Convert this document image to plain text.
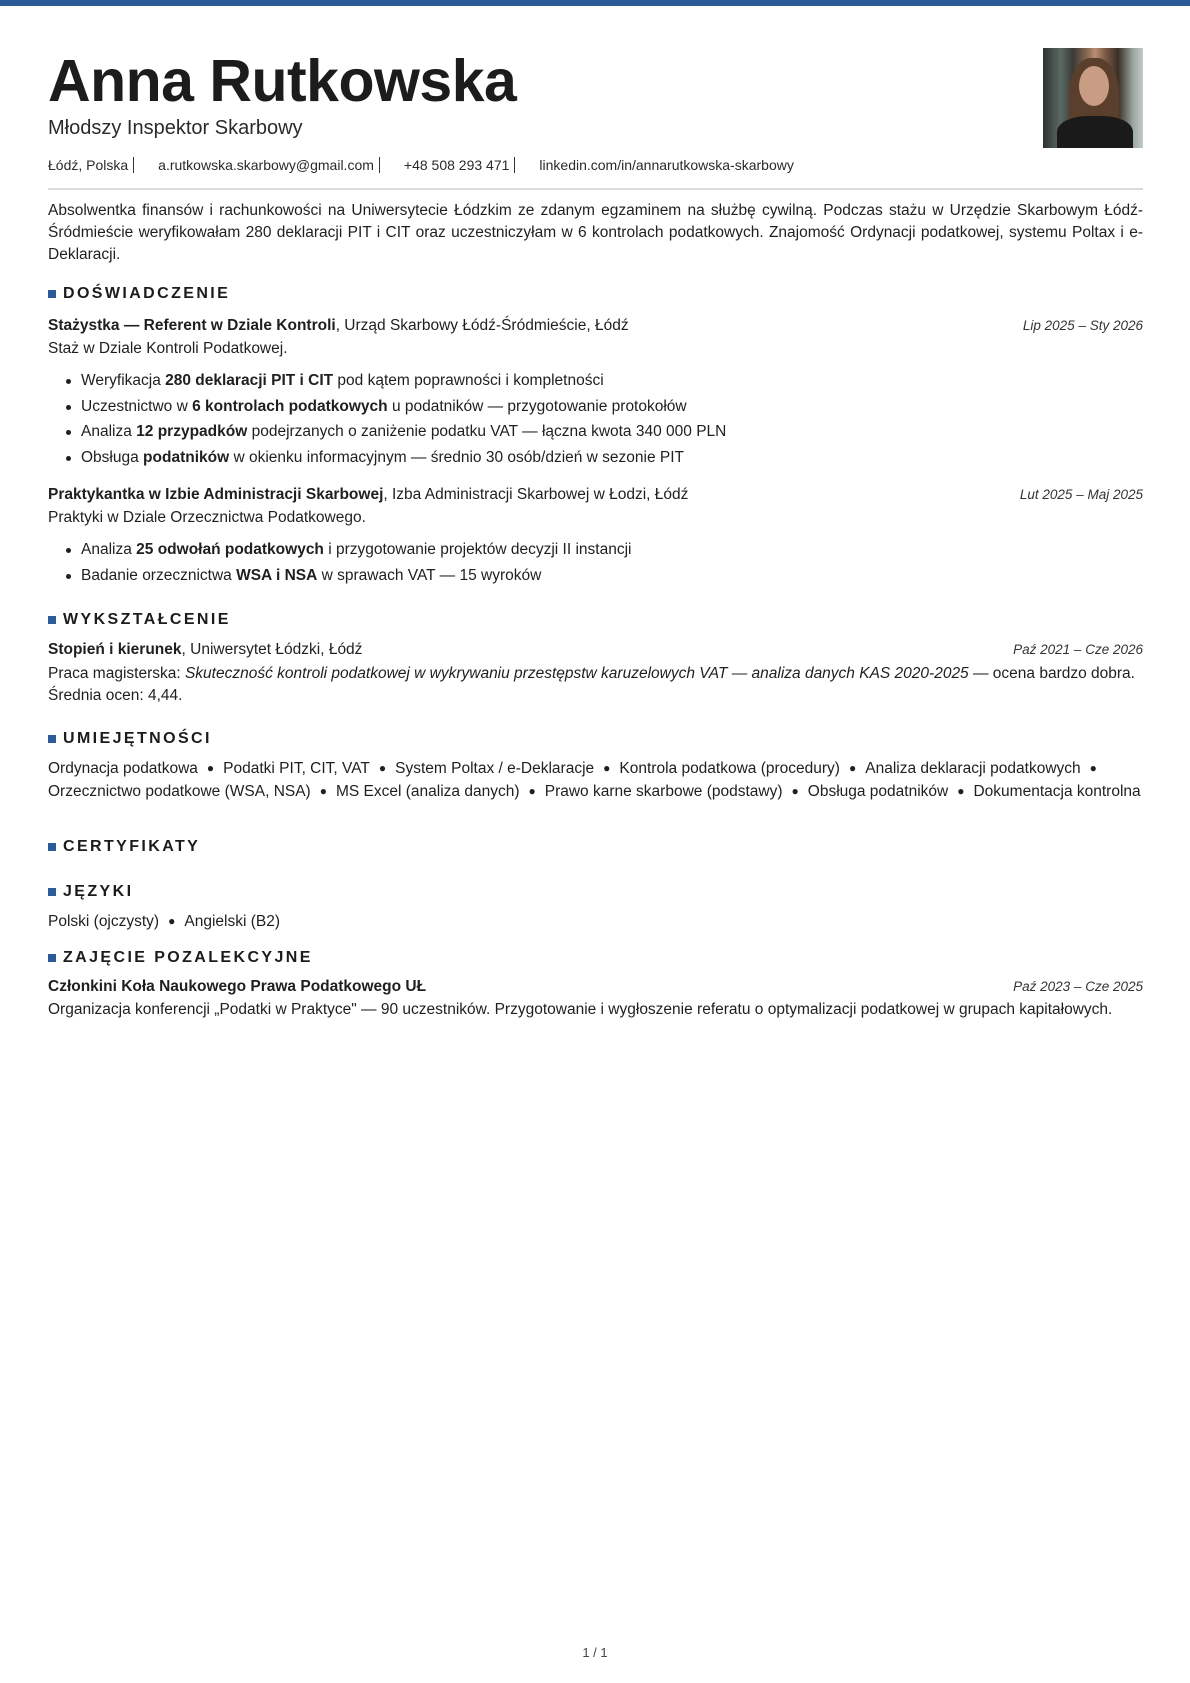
Anna Rutkowska
Młodszy Inspektor Skarbowy
Łódź, Polska a.rutkowska.skarbowy@gmail.com +48 508 293 471 linkedin.com/in/annarutkowska-skarbowy

Absolwentka finansów i rachunkowości na Uniwersytecie Łódzkim ze zdanym egzaminem na służbę cywilną. Podczas stażu w Urzędzie Skarbowym Łódź-Śródmieście weryfikowałam 280 deklaracji PIT i CIT oraz uczestniczyłam w 6 kontrolach podatkowych. Znajomość Ordynacji podatkowej, systemu Poltax i e-Deklaracji.

DOŚWIADCZENIE
Stażystka — Referent w Dziale Kontroli, Urząd Skarbowy Łódź-Śródmieście, Łódź	Lip 2025 – Sty 2026
Staż w Dziale Kontroli Podatkowej.
Weryfikacja 280 deklaracji PIT i CIT pod kątem poprawności i kompletności
Uczestnictwo w 6 kontrolach podatkowych u podatników — przygotowanie protokołów
Analiza 12 przypadków podejrzanych o zaniżenie podatku VAT — łączna kwota 340 000 PLN
Obsługa podatników w okienku informacyjnym — średnio 30 osób/dzień w sezonie PIT
Praktykantka w Izbie Administracji Skarbowej, Izba Administracji Skarbowej w Łodzi, Łódź	Lut 2025 – Maj 2025
Praktyki w Dziale Orzecznictwa Podatkowego.
Analiza 25 odwołań podatkowych i przygotowanie projektów decyzji II instancji
Badanie orzecznictwa WSA i NSA w sprawach VAT — 15 wyroków
WYKSZTAŁCENIE
Stopień i kierunek, Uniwersytet Łódzki, Łódź	Paź 2021 – Cze 2026
Praca magisterska: Skuteczność kontroli podatkowej w wykrywaniu przestępstw karuzelowych VAT — analiza danych KAS 2020-2025 — ocena bardzo dobra. Średnia ocen: 4,44.
UMIEJĘTNOŚCI
Ordynacja podatkowa ● Podatki PIT, CIT, VAT ● System Poltax / e-Deklaracje ● Kontrola podatkowa (procedury) ● Analiza deklaracji podatkowych ●Orzecznictwo podatkowe (WSA, NSA) ● MS Excel (analiza danych) ● Prawo karne skarbowe (podstawy) ● Obsługa podatników ● Dokumentacja kontrolna
CERTYFIKATY
JĘZYKI
Polski (ojczysty) ● Angielski (B2)
ZAJĘCIE POZALEKCYJNE
Członkini Koła Naukowego Prawa Podatkowego UŁ	Paź 2023 – Cze 2025
Organizacja konferencji „Podatki w Praktyce" — 90 uczestników. Przygotowanie i wygłoszenie referatu o optymalizacji podatkowej w grupach kapitałowych.
1 / 1
